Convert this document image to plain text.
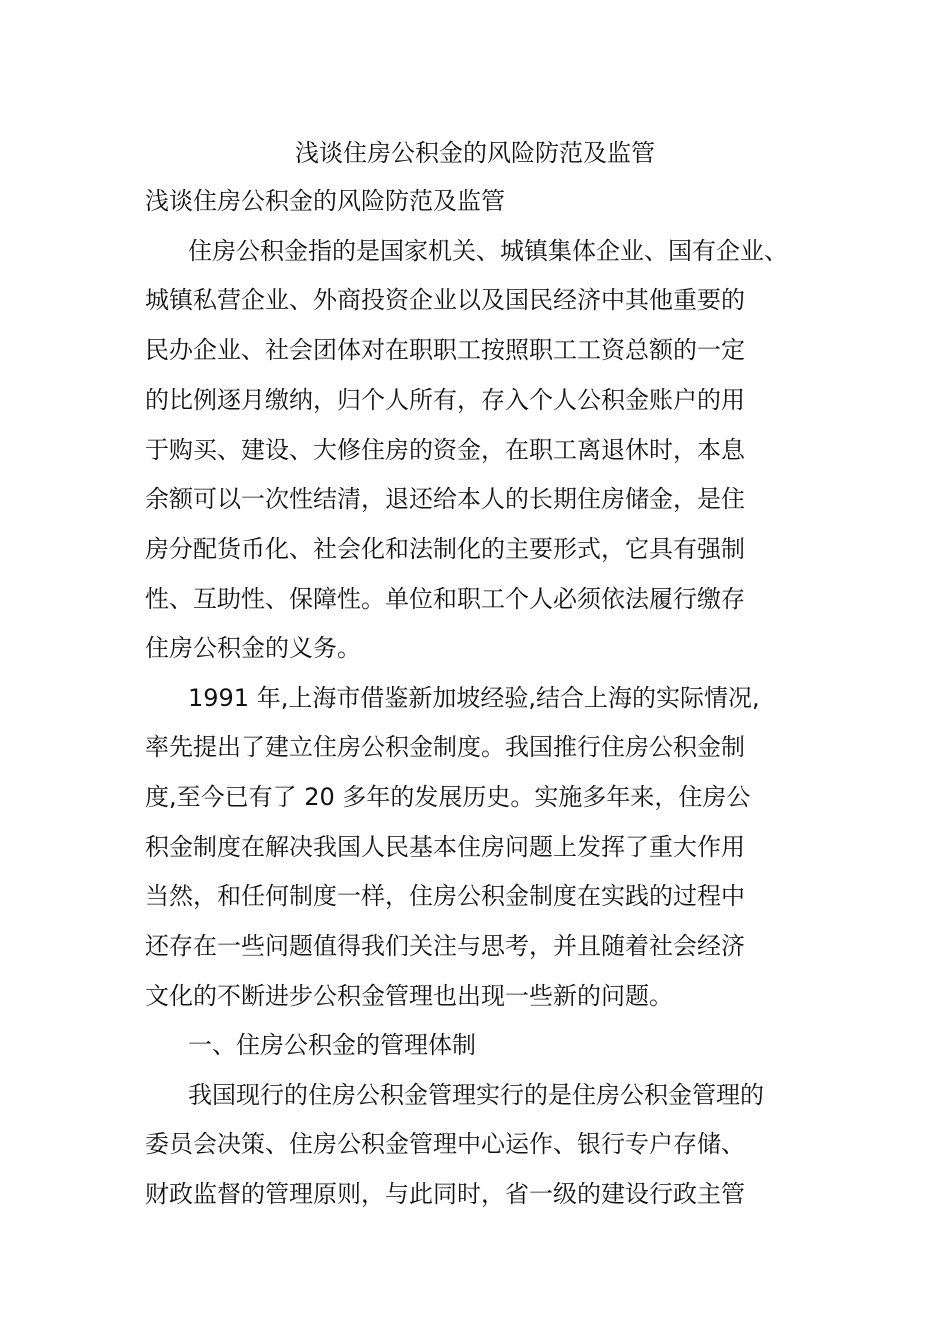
浅谈住房公积金的风险防范及监管

浅谈住房公积金的风险防范及监管

住房公积金指的是国家机关、城镇集体企业、国有企业、

城镇私营企业、外商投资企业以及国民经济中其他重要的

民办企业、社会团体对在职职工按照职工工资总额的一定

的比例逐月缴纳，归个人所有，存入个人公积金账户的用

于购买、建设、大修住房的资金，在职工离退休时，本息

余额可以一次性结清，退还给本人的长期住房储金，是住

房分配货币化、社会化和法制化的主要形式，它具有强制

性、互助性、保障性。单位和职工个人必须依法履行缴存

住房公积金的义务。

1991 年,上海市借鉴新加坡经验,结合上海的实际情况,

率先提出了建立住房公积金制度。我国推行住房公积金制

度,至今已有了 20 多年的发展历史。实施多年来，住房公

积金制度在解决我国人民基本住房问题上发挥了重大作用

当然，和任何制度一样，住房公积金制度在实践的过程中

还存在一些问题值得我们关注与思考，并且随着社会经济

文化的不断进步公积金管理也出现一些新的问题。

一、住房公积金的管理体制

我国现行的住房公积金管理实行的是住房公积金管理的

委员会决策、住房公积金管理中心运作、银行专户存储、

财政监督的管理原则，与此同时，省一级的建设行政主管
